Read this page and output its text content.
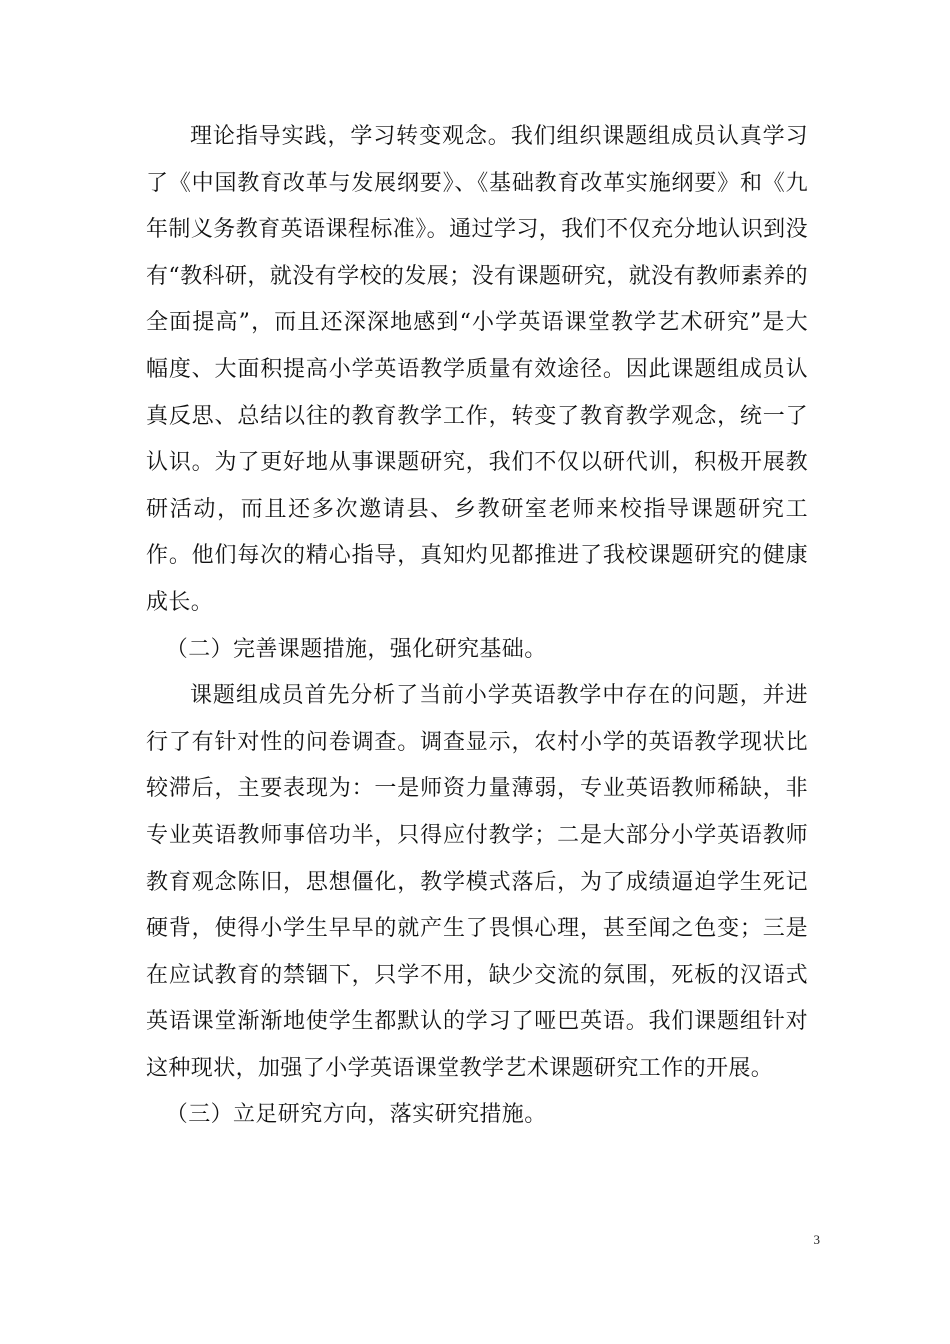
理论指导实践，学习转变观念。我们组织课题组成员认真学习了《中国教育改革与发展纲要》、《基础教育改革实施纲要》和《九年制义务教育英语课程标准》。通过学习，我们不仅充分地认识到没有“教科研，就没有学校的发展；没有课题研究，就没有教师素养的全面提高”，而且还深深地感到“小学英语课堂教学艺术研究”是大幅度、大面积提高小学英语教学质量有效途径。因此课题组成员认真反思、总结以往的教育教学工作，转变了教育教学观念，统一了认识。为了更好地从事课题研究，我们不仅以研代训，积极开展教研活动，而且还多次邀请县、乡教研室老师来校指导课题研究工作。他们每次的精心指导，真知灼见都推进了我校课题研究的健康成长。

（二）完善课题措施，强化研究基础。

课题组成员首先分析了当前小学英语教学中存在的问题，并进行了有针对性的问卷调查。调查显示，农村小学的英语教学现状比较滞后，主要表现为：一是师资力量薄弱，专业英语教师稀缺，非专业英语教师事倍功半，只得应付教学；二是大部分小学英语教师教育观念陈旧，思想僵化，教学模式落后，为了成绩逼迫学生死记硬背，使得小学生早早的就产生了畏惧心理，甚至闻之色变；三是在应试教育的禁锢下，只学不用，缺少交流的氛围，死板的汉语式英语课堂渐渐地使学生都默认的学习了哑巴英语。我们课题组针对这种现状，加强了小学英语课堂教学艺术课题研究工作的开展。

（三）立足研究方向，落实研究措施。

3
